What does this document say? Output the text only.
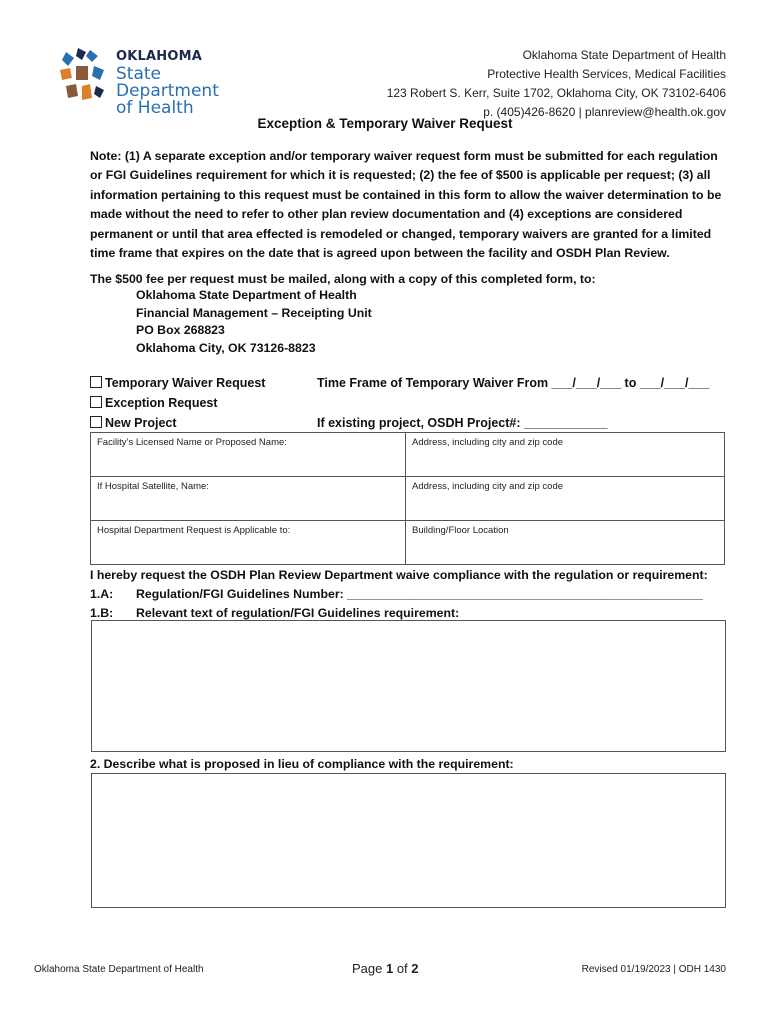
OKLAHOMA
State Department
of Health
Oklahoma State Department of Health
Protective Health Services, Medical Facilities
123 Robert S. Kerr, Suite 1702, Oklahoma City, OK 73102-6406
p. (405)426-8620 | planreview@health.ok.gov
Exception & Temporary Waiver Request
Note: (1) A separate exception and/or temporary waiver request form must be submitted for each regulation or FGI Guidelines requirement for which it is requested; (2) the fee of $500 is applicable per request; (3) all information pertaining to this request must be contained in this form to allow the waiver determination to be made without the need to refer to other plan review documentation and (4) exceptions are considered permanent or until that area effected is remodeled or changed, temporary waivers are granted for a limited time frame that expires on the date that is agreed upon between the facility and OSDH Plan Review.
The $500 fee per request must be mailed, along with a copy of this completed form, to:
Oklahoma State Department of Health
Financial Management – Receipting Unit
PO Box 268823
Oklahoma City, OK 73126-8823
Temporary Waiver Request
Exception Request
New Project
Time Frame of Temporary Waiver From ___/___/___ to ___/___/___
If existing project, OSDH Project#: ____________
Facility’s Licensed Name or Proposed Name:	Address, including city and zip code
If Hospital Satellite, Name:	Address, including city and zip code
Hospital Department Request is Applicable to:	Building/Floor Location
I hereby request the OSDH Plan Review Department waive compliance with the regulation or requirement:
1.A: Regulation/FGI Guidelines Number: ____________________________________________________
1.B: Relevant text of regulation/FGI Guidelines requirement:
2. Describe what is proposed in lieu of compliance with the requirement:
Oklahoma State Department of Health	Page 1 of 2	Revised 01/19/2023 | ODH 1430
